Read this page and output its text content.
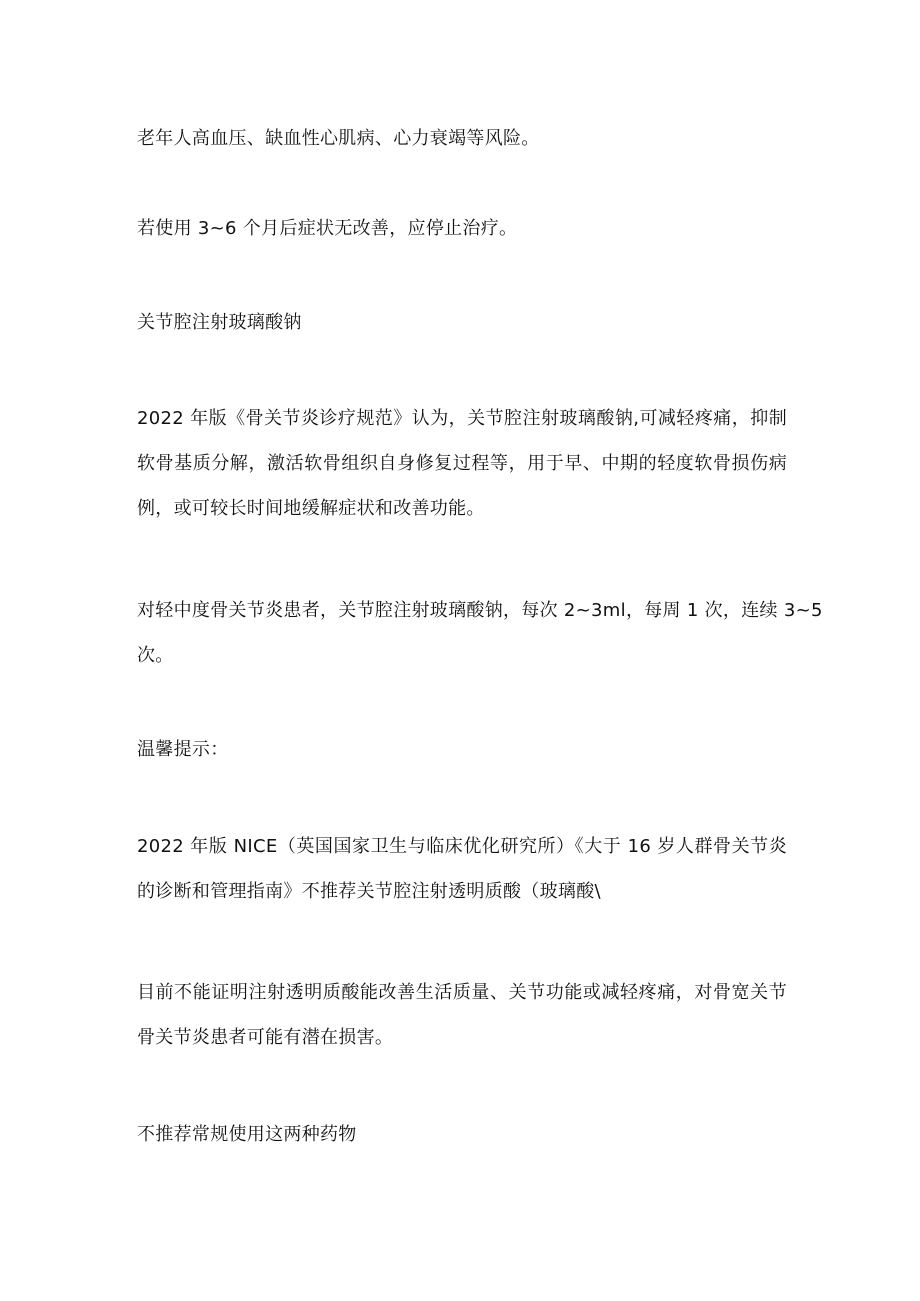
老年人高血压、缺血性心肌病、心力衰竭等风险。

若使用 3~6 个月后症状无改善，应停止治疗。

关节腔注射玻璃酸钠

2022 年版《骨关节炎诊疗规范》认为，关节腔注射玻璃酸钠,可减轻疼痛，抑制
软骨基质分解，激活软骨组织自身修复过程等，用于早、中期的轻度软骨损伤病
例，或可较长时间地缓解症状和改善功能。

对轻中度骨关节炎患者，关节腔注射玻璃酸钠，每次 2~3ml，每周 1 次，连续 3~5
次。

温馨提示：

2022 年版 NICE（英国国家卫生与临床优化研究所）《大于 16 岁人群骨关节炎
的诊断和管理指南》不推荐关节腔注射透明质酸（玻璃酸\

目前不能证明注射透明质酸能改善生活质量、关节功能或减轻疼痛，对骨宽关节
骨关节炎患者可能有潜在损害。

不推荐常规使用这两种药物
